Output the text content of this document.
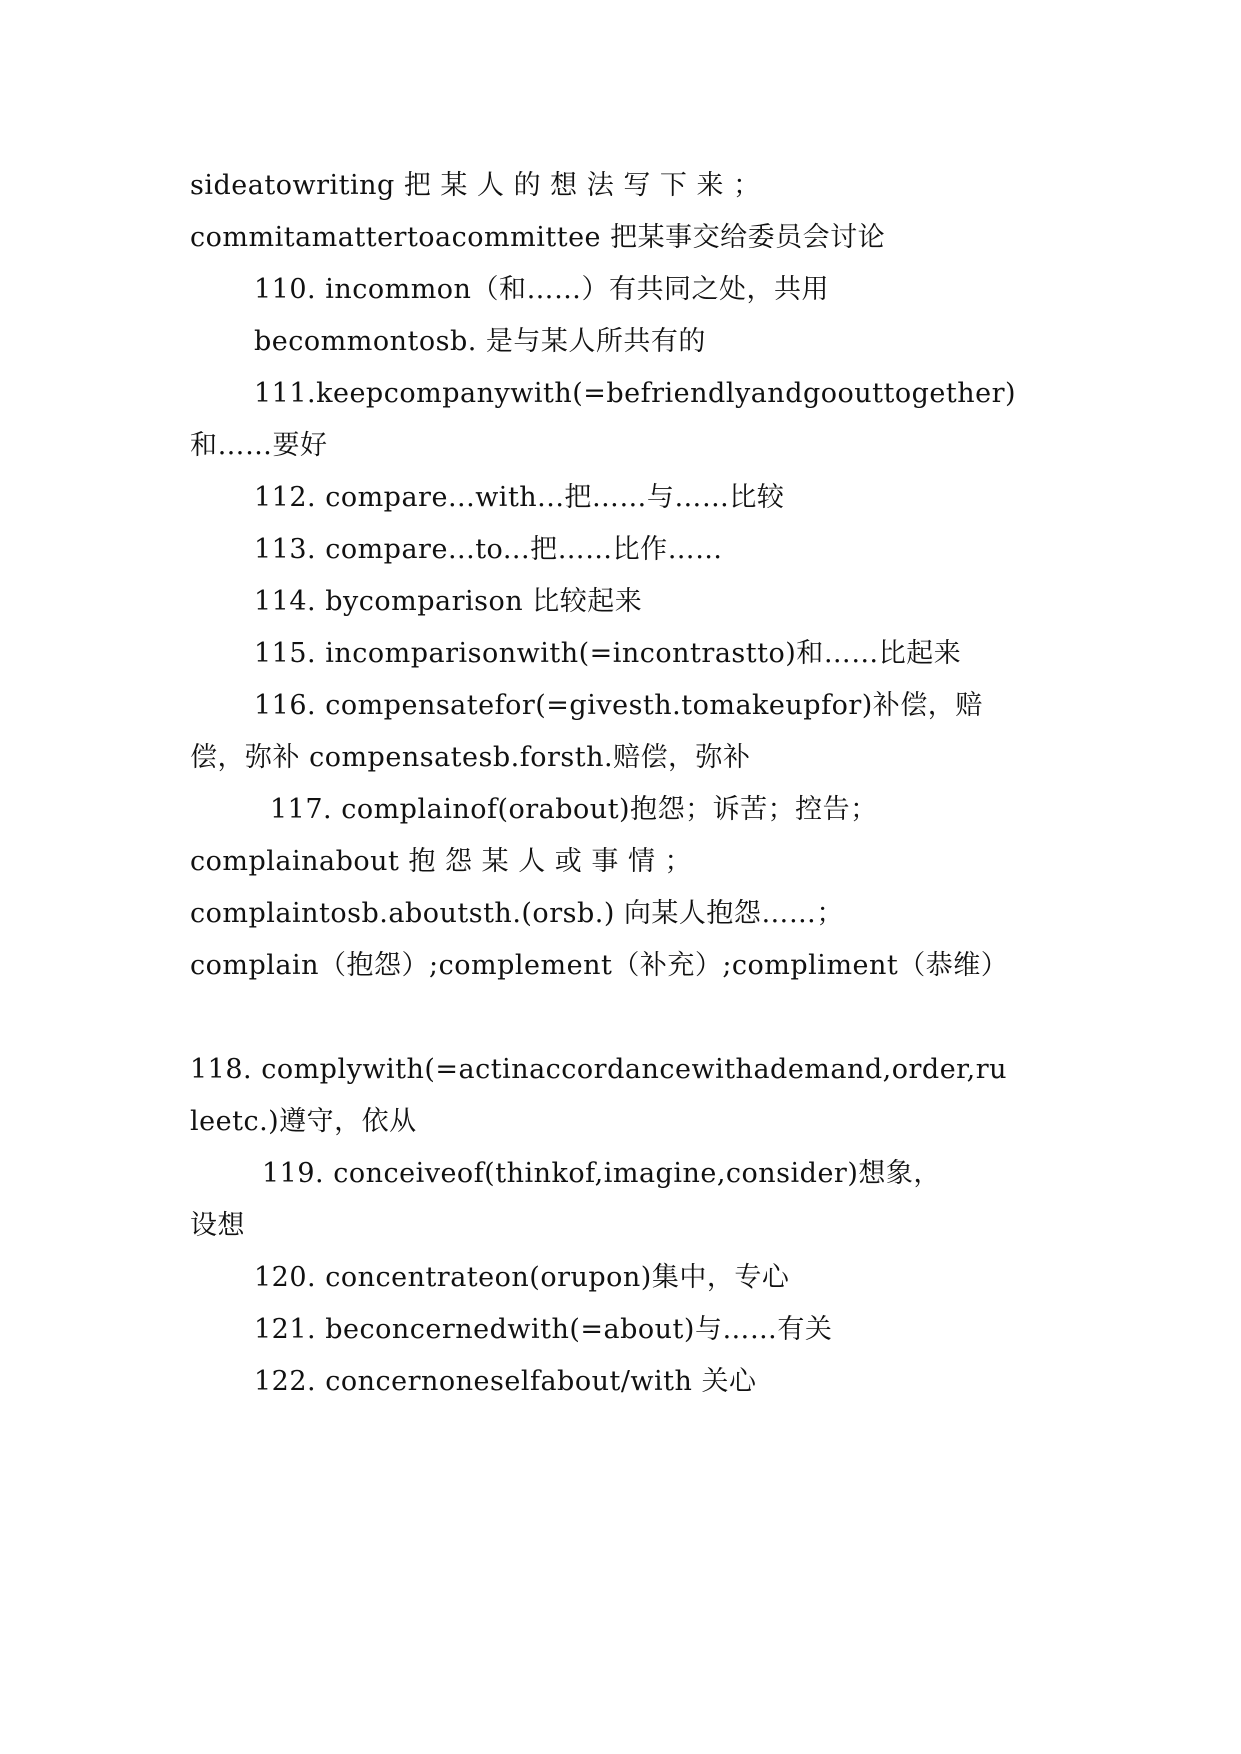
sideatowriting 把 某 人 的 想 法 写 下 来 ；
commitamattertoacommittee 把某事交给委员会讨论
110. incommon（和……）有共同之处，共用
becommontosb. 是与某人所共有的
111.keepcompanywith(=befriendlyandgoouttogether)
和……要好
112. compare...with...把……与……比较
113. compare...to...把……比作……
114. bycomparison 比较起来
115. incomparisonwith(=incontrastto)和……比起来
116. compensatefor(=givesth.tomakeupfor)补偿，赔
偿，弥补 compensatesb.forsth.赔偿，弥补
117. complainof(orabout)抱怨；诉苦；控告；
complainabout 抱 怨 某 人 或 事 情 ；
complaintosb.aboutsth.(orsb.) 向某人抱怨……；
complain（抱怨）;complement（补充）;compliment（恭维）
118. complywith(=actinaccordancewithademand,order,ru
leetc.)遵守，依从
119. conceiveof(thinkof,imagine,consider)想象，
设想
120. concentrateon(orupon)集中，专心
121. beconcernedwith(=about)与……有关
122. concernoneselfabout/with 关心
